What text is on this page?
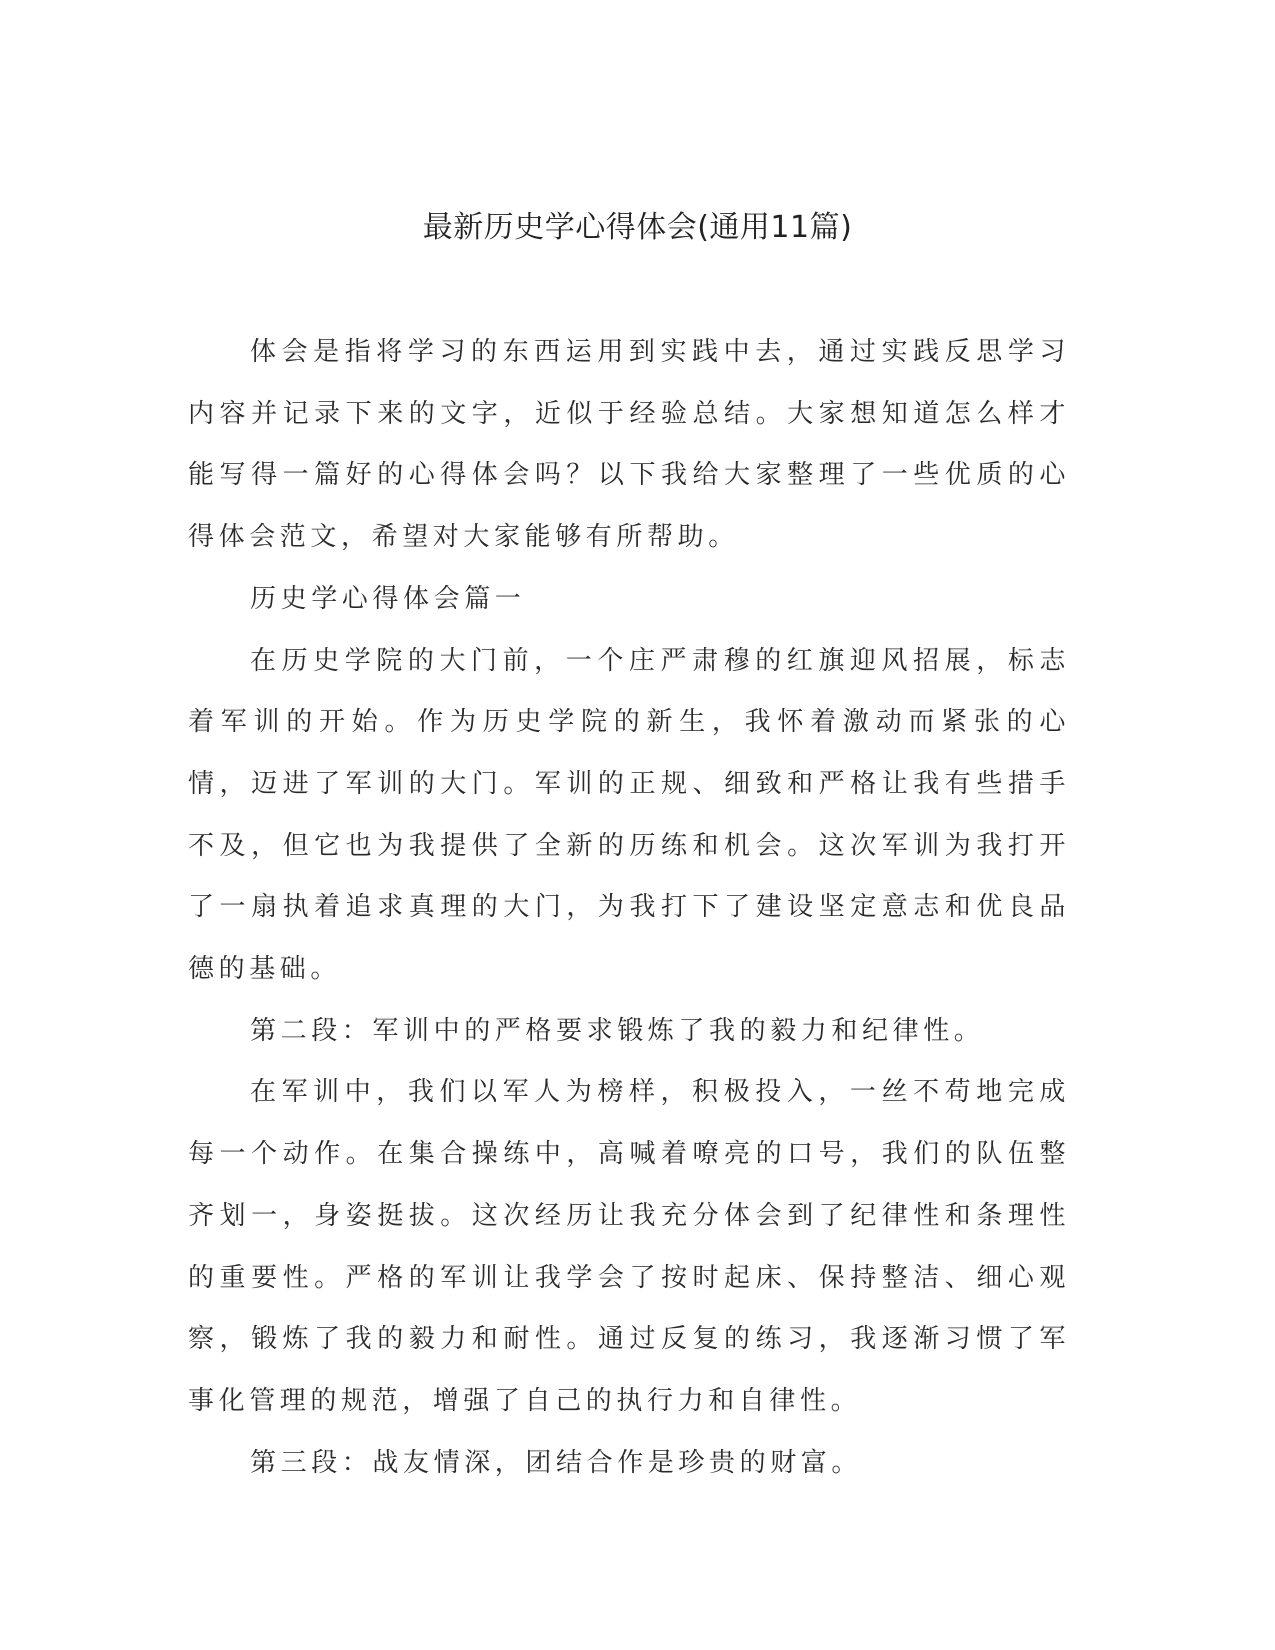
最新历史学心得体会(通用11篇)

体会是指将学习的东西运用到实践中去，通过实践反思学习内容并记录下来的文字，近似于经验总结。大家想知道怎么样才能写得一篇好的心得体会吗？以下我给大家整理了一些优质的心得体会范文，希望对大家能够有所帮助。

历史学心得体会篇一

在历史学院的大门前，一个庄严肃穆的红旗迎风招展，标志着军训的开始。作为历史学院的新生，我怀着激动而紧张的心情，迈进了军训的大门。军训的正规、细致和严格让我有些措手不及，但它也为我提供了全新的历练和机会。这次军训为我打开了一扇执着追求真理的大门，为我打下了建设坚定意志和优良品德的基础。

第二段：军训中的严格要求锻炼了我的毅力和纪律性。

在军训中，我们以军人为榜样，积极投入，一丝不苟地完成每一个动作。在集合操练中，高喊着嘹亮的口号，我们的队伍整齐划一，身姿挺拔。这次经历让我充分体会到了纪律性和条理性的重要性。严格的军训让我学会了按时起床、保持整洁、细心观察，锻炼了我的毅力和耐性。通过反复的练习，我逐渐习惯了军事化管理的规范，增强了自己的执行力和自律性。

第三段：战友情深，团结合作是珍贵的财富。
